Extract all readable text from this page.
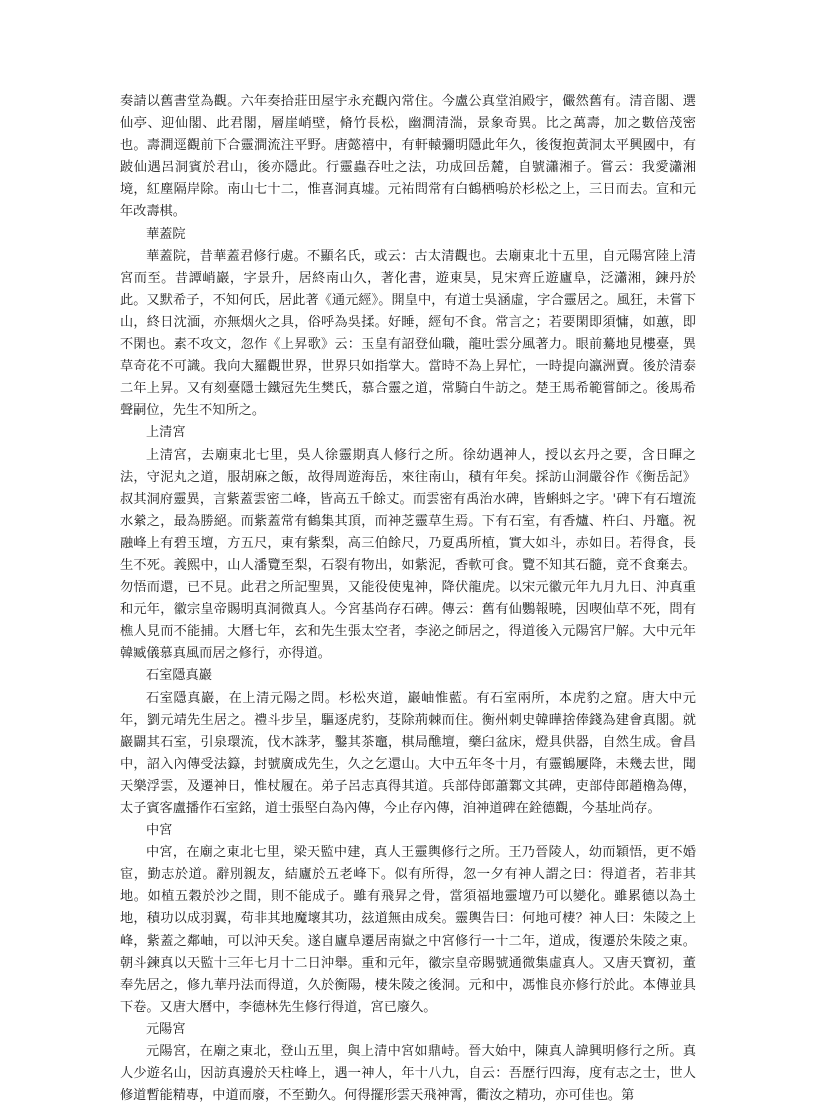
奏請以舊書堂為觀。六年奏拾莊田屋宇永充觀內常住。今盧公真堂洎殿宇，儼然舊有。清音閣、選仙亭、迎仙閣、此君閣，層崖峭壁，脩竹長松，幽澗清湍，景象奇異。比之萬壽，加之數倍茂密也。壽澗逕觀前下合靈澗流注平野。唐懿禧中，有軒轅彌明隱此年久，後復抱黃洞太平興國中，有跛仙遇呂洞賓於君山，後亦隱此。行靈蟲吞吐之法，功成回岳麓，自號瀟湘子。嘗云：我愛瀟湘境，紅塵隔岸除。南山七十二，惟喜洞真墟。元祐問常有白鶴栖嗚於杉松之上，三日而去。宣和元年改壽棋。

華蓋院

華蓋院，昔華蓋君修行處。不顯名氏，或云：古太清觀也。去廟東北十五里，自元陽宮陸上清宮而至。昔譚峭巖，字景升，居終南山久，著化書，遊東昊，見宋齊丘遊廬阜，泛瀟湘，鍊丹於此。又默希子，不知何氏，居此著《通元經》。開皇中，有道士吳涵虛，字合靈居之。風狂，未嘗下山，終日沈湎，亦無烟火之具，俗呼為吳揉。好睡，經旬不食。常言之；若要閑即須慵，如蕙，即不閑也。素不攻文，忽作《上昇歌》云：玉皇有詔登仙職，龍吐雲分風著力。眼前驀地見樓臺，異草奇花不可識。我向大羅觀世界，世界只如指掌大。當時不為上昇忙，一時提向瀛洲賣。後於清泰二年上昇。又有刻臺隱士鐵冠先生樊氏，慕合靈之道，常騎白牛訪之。楚王馬希範嘗師之。後馬希聲嗣位，先生不知所之。

上清宮

上清宮，去廟東北七里，吳人徐靈期真人修行之所。徐幼遇神人，授以玄丹之要，含日暉之法，守泥丸之道，服胡麻之飯，故得周遊海岳，來往南山，積有年矣。採訪山洞嚴谷作《衡岳記》叔其洞府靈異，言紫蓋雲密二峰，皆高五千餘丈。而雲密有禹治水碑，皆蝌蚪之字。'碑下有石壇流水縈之，最為勝絕。而紫蓋常有鶴集其頂，而神芝靈草生焉。下有石室，有香爐、杵臼、丹竈。祝融峰上有碧玉壇，方五尺，東有紫梨，高三伯餘尺，乃夏禹所植，實大如斗，赤如日。若得食，長生不死。義熙中，山人潘覽至梨，石裂有物出，如紫泥，香軟可食。覽不知其石髓，竟不食棄去。勿悟而還，已不見。此君之所記聖異，又能役使鬼神，降伏龍虎。以宋元徽元年九月九日、沖真重和元年，徽宗皇帝賜明真洞微真人。今宮基尚存石碑。傳云：舊有仙鸚報曉，因喫仙草不死，問有樵人見而不能捕。大曆七年，玄和先生張太空者，李泌之師居之，得道後入元陽宮尸解。大中元年韓臧儀慕真風而居之修行，亦得道。

石室隱真巖

石室隱真巖，在上清元陽之問。杉松夾道，巖岫惟藍。有石室兩所，本虎豹之窟。唐大中元年，劉元靖先生居之。禮斗步呈，驅逐虎豹，芟除荊棘而住。衡州刺史韓曄捨俸錢為建會真閣。就巖闢其石室，引泉環流，伐木誅茅，鑿其茶竈，棋局醮壇，藥臼盆床，燈具供器，自然生成。會昌中，詔入內傳受法籙，封號廣成先生，久之乞還山。大中五年冬十月，有靈鶴屢降，未幾去世，聞天樂浮雲，及遷神日，惟杖履在。弟子呂志真得其道。兵部侍郎蕭鄴文其碑，吏部侍郎趙櫓為傳，太子賓客盧播作石室銘，道士張堅白為內傳，今止存內傳，洎神道碑在銓德觀，今基址尚存。

中宮

中宮，在廟之東北七里，梁天監中建，真人王靈輿修行之所。王乃晉陵人，幼而穎悟，更不婚宦，勤志於道。辭別親友，結廬於五老峰下。似有所得，忽一夕有神人謂之曰：得道者，若非其地。如植五穀於沙之間，則不能成子。雖有飛昇之骨，當須福地靈壇乃可以變化。雖累德以為土地，積功以成羽翼，苟非其地魔壞其功，玆道無由成矣。靈輿告曰：何地可棲？神人曰：朱陵之上峰，紫蓋之鄰岫，可以沖天矣。遂自廬阜遷居南嶽之中宮修行一十二年，道成，復遷於朱陵之東。朝斗鍊真以天監十三年七月十二日沖舉。重和元年，徽宗皇帝賜號通微集虛真人。又唐天寶初，董奉先居之，修九華丹法而得道，久於衡陽，棲朱陵之後洞。元和中，馮惟良亦修行於此。本傳並具下卷。又唐大曆中，李德林先生修行得道，宮已廢久。

元陽宮

元陽宮，在廟之東北，登山五里，與上清中宮如鼎峙。晉大始中，陳真人諱興明修行之所。真人少遊名山，因訪真邊於天柱峰上，遇一神人，年十八九，自云：吾歷行四海，度有志之士，世人修道暫能精專，中道而廢，不至勤久。何得擺形雲天飛神霄，衢汝之精功，亦可佳也。第
